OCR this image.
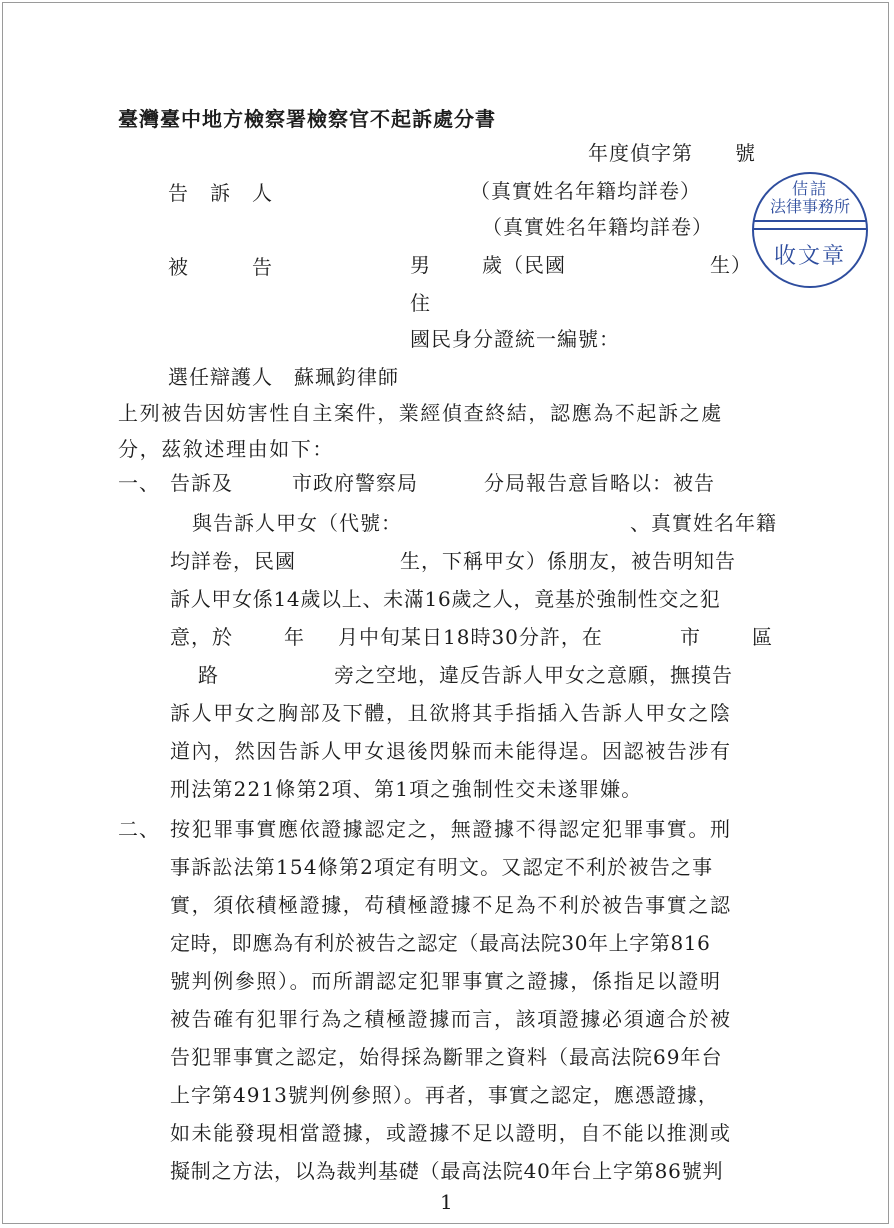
臺灣臺中地方檢察署檢察官不起訴處分書
年度偵字第　　號
告　訴　人	（真實姓名年籍均詳卷）
（真實姓名年籍均詳卷）
被　　　告	男	歲（民國	生）
住
國民身分證統一編號：
選任辯護人　蘇珮鈞律師
佶詰
法律事務所
收文章
上列被告因妨害性自主案件，業經偵查終結，認應為不起訴之處
分，茲敘述理由如下：
一、 告訴及	市政府警察局	分局報告意旨略以：被告
與告訴人甲女（代號：	、真實姓名年籍
均詳卷，民國	生，下稱甲女）係朋友，被告明知告
訴人甲女係14歲以上、未滿16歲之人，竟基於強制性交之犯
意，於	年 月中旬某日18時30分許，在	市	區
路	旁之空地，違反告訴人甲女之意願，撫摸告
訴人甲女之胸部及下體，且欲將其手指插入告訴人甲女之陰
道內，然因告訴人甲女退後閃躲而未能得逞。因認被告涉有
刑法第221條第2項、第1項之強制性交未遂罪嫌。
二、 按犯罪事實應依證據認定之，無證據不得認定犯罪事實。刑
事訴訟法第154條第2項定有明文。又認定不利於被告之事
實，須依積極證據，苟積極證據不足為不利於被告事實之認
定時，即應為有利於被告之認定（最高法院30年上字第816
號判例參照）。而所謂認定犯罪事實之證據，係指足以證明
被告確有犯罪行為之積極證據而言，該項證據必須適合於被
告犯罪事實之認定，始得採為斷罪之資料（最高法院69年台
上字第4913號判例參照）。再者，事實之認定，應憑證據，
如未能發現相當證據，或證據不足以證明，自不能以推測或
擬制之方法，以為裁判基礎（最高法院40年台上字第86號判
1
